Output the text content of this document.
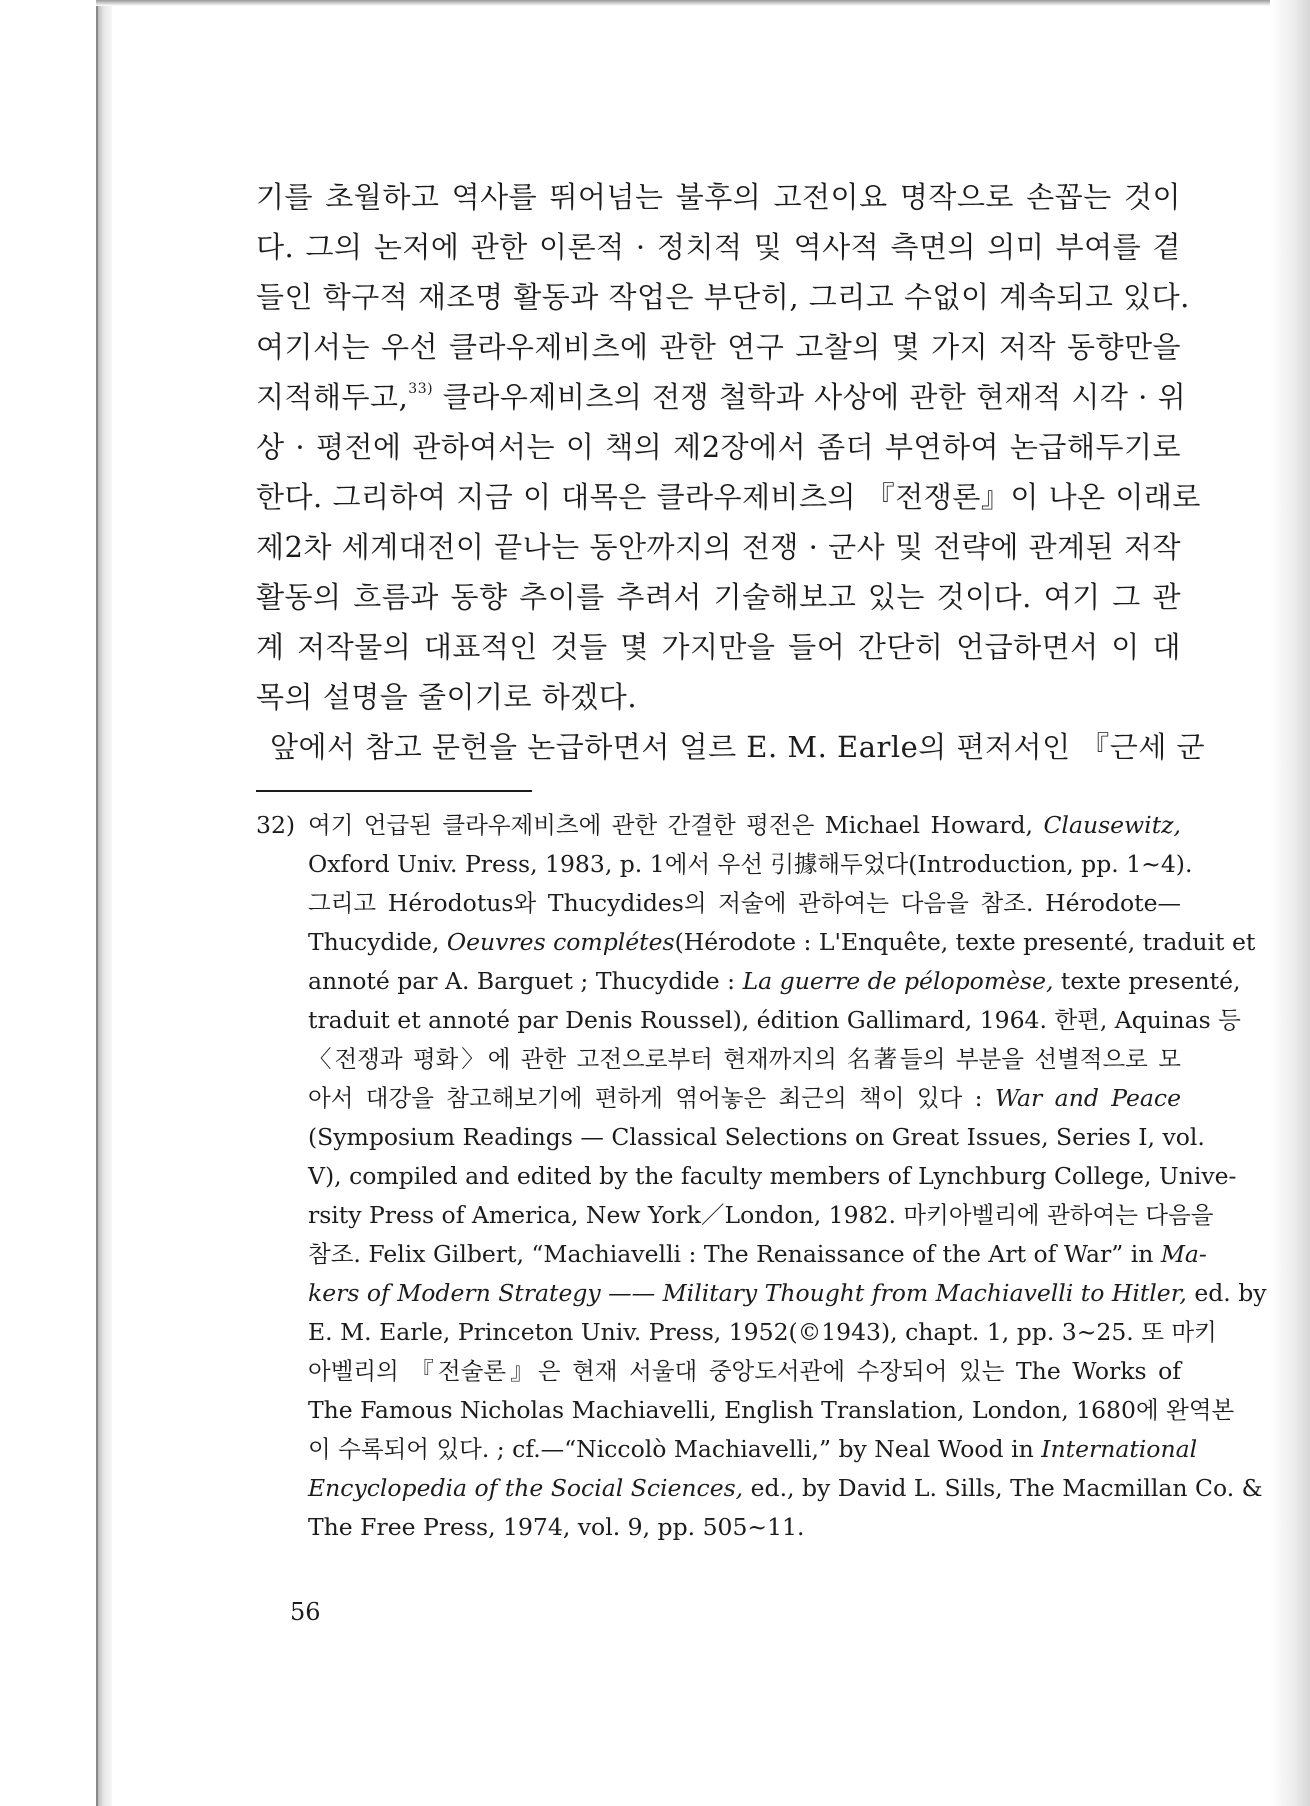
기를 초월하고 역사를 뛰어넘는 불후의 고전이요 명작으로 손꼽는 것이
다. 그의 논저에 관한 이론적 · 정치적 및 역사적 측면의 의미 부여를 곁
들인 학구적 재조명 활동과 작업은 부단히, 그리고 수없이 계속되고 있다.
여기서는 우선 클라우제비츠에 관한 연구 고찰의 몇 가지 저작 동향만을
지적해두고,$^{33)}$ 클라우제비츠의 전쟁 철학과 사상에 관한 현재적 시각 · 위
상 · 평전에 관하여서는 이 책의 제2장에서 좀더 부연하여 논급해두기로
한다. 그리하여 지금 이 대목은 클라우제비츠의 『전쟁론』이 나온 이래로
제2차 세계대전이 끝나는 동안까지의 전쟁 · 군사 및 전략에 관계된 저작
활동의 흐름과 동향 추이를 추려서 기술해보고 있는 것이다. 여기 그 관
계 저작물의 대표적인 것들 몇 가지만을 들어 간단히 언급하면서 이 대
목의 설명을 줄이기로 하겠다.
앞에서 참고 문헌을 논급하면서 얼르 E. M. Earle의 편저서인 『근세 군
32) 여기 언급된 클라우제비츠에 관한 간결한 평전은 Michael Howard, Clausewitz,
Oxford Univ. Press, 1983, p. 1에서 우선 引據해두었다(Introduction, pp. 1~4).
그리고 Hérodotus와 Thucydides의 저술에 관하여는 다음을 참조. Hérodote—
Thucydide, Oeuvres complétes(Hérodote : L'Enquête, texte presenté, traduit et
annoté par A. Barguet ; Thucydide : La guerre de pélopomèse, texte presenté,
traduit et annoté par Denis Roussel), édition Gallimard, 1964. 한편, Aquinas 등
〈전쟁과 평화〉에 관한 고전으로부터 현재까지의 名著들의 부분을 선별적으로 모
아서 대강을 참고해보기에 편하게 엮어놓은 최근의 책이 있다 : War and Peace
(Symposium Readings — Classical Selections on Great Issues, Series Ⅰ, vol.
Ⅴ), compiled and edited by the faculty members of Lynchburg College, Unive-
rsity Press of America, New York／London, 1982. 마키아벨리에 관하여는 다음을
참조. Felix Gilbert, “Machiavelli : The Renaissance of the Art of War” in Ma-
kers of Modern Strategy —— Military Thought from Machiavelli to Hitler, ed. by
E. M. Earle, Princeton Univ. Press, 1952(©1943), chapt. 1, pp. 3~25. 또 마키
아벨리의 『전술론』은 현재 서울대 중앙도서관에 수장되어 있는 The Works of
The Famous Nicholas Machiavelli, English Translation, London, 1680에 완역본
이 수록되어 있다. ; cf.—“Niccolò Machiavelli,” by Neal Wood in International
Encyclopedia of the Social Sciences, ed., by David L. Sills, The Macmillan Co. &
The Free Press, 1974, vol. 9, pp. 505~11.
56
